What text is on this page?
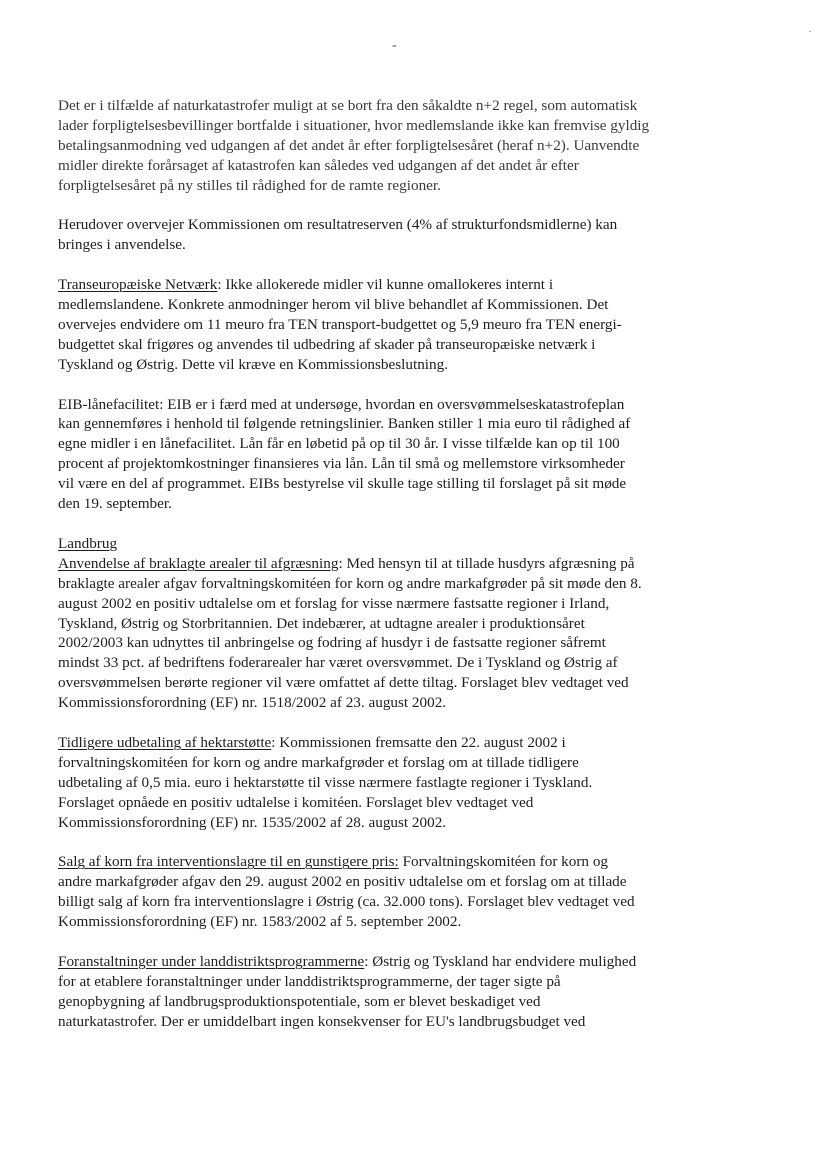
-
·
Det er i tilfælde af naturkatastrofer muligt at se bort fra den såkaldte n+2 regel, som automatisk
lader forpligtelsesbevillinger bortfalde i situationer, hvor medlemslande ikke kan fremvise gyldig
betalingsanmodning ved udgangen af det andet år efter forpligtelsesåret (heraf n+2). Uanvendte
midler direkte forårsaget af katastrofen kan således ved udgangen af det andet år efter
forpligtelsesåret på ny stilles til rådighed for de ramte regioner.
Herudover overvejer Kommissionen om resultatreserven (4% af strukturfondsmidlerne) kan
bringes i anvendelse.
Transeuropæiske Netværk: Ikke allokerede midler vil kunne omallokeres internt i
medlemslandene. Konkrete anmodninger herom vil blive behandlet af Kommissionen. Det
overvejes endvidere om 11 meuro fra TEN transport-budgettet og 5,9 meuro fra TEN energi-
budgettet skal frigøres og anvendes til udbedring af skader på transeuropæiske netværk i
Tyskland og Østrig. Dette vil kræve en Kommissionsbeslutning.
EIB-lånefacilitet: EIB er i færd med at undersøge, hvordan en oversvømmelseskatastrofeplan
kan gennemføres i henhold til følgende retningslinier. Banken stiller 1 mia euro til rådighed af
egne midler i en lånefacilitet. Lån får en løbetid på op til 30 år. I visse tilfælde kan op til 100
procent af projektomkostninger finansieres via lån. Lån til små og mellemstore virksomheder
vil være en del af programmet. EIBs bestyrelse vil skulle tage stilling til forslaget på sit møde
den 19. september.
Landbrug
Anvendelse af braklagte arealer til afgræsning: Med hensyn til at tillade husdyrs afgræsning på
braklagte arealer afgav forvaltningskomitéen for korn og andre markafgrøder på sit møde den 8.
august 2002 en positiv udtalelse om et forslag for visse nærmere fastsatte regioner i Irland,
Tyskland, Østrig og Storbritannien. Det indebærer, at udtagne arealer i produktionsåret
2002/2003 kan udnyttes til anbringelse og fodring af husdyr i de fastsatte regioner såfremt
mindst 33 pct. af bedriftens foderarealer har været oversvømmet. De i Tyskland og Østrig af
oversvømmelsen berørte regioner vil være omfattet af dette tiltag. Forslaget blev vedtaget ved
Kommissionsforordning (EF) nr. 1518/2002 af 23. august 2002.
Tidligere udbetaling af hektarstøtte: Kommissionen fremsatte den 22. august 2002 i
forvaltningskomitéen for korn og andre markafgrøder et forslag om at tillade tidligere
udbetaling af 0,5 mia. euro i hektarstøtte til visse nærmere fastlagte regioner i Tyskland.
Forslaget opnåede en positiv udtalelse i komitéen. Forslaget blev vedtaget ved
Kommissionsforordning (EF) nr. 1535/2002 af 28. august 2002.
Salg af korn fra interventionslagre til en gunstigere pris: Forvaltningskomitéen for korn og
andre markafgrøder afgav den 29. august 2002 en positiv udtalelse om et forslag om at tillade
billigt salg af korn fra interventionslagre i Østrig (ca. 32.000 tons). Forslaget blev vedtaget ved
Kommissionsforordning (EF) nr. 1583/2002 af 5. september 2002.
Foranstaltninger under landdistriktsprogrammerne: Østrig og Tyskland har endvidere mulighed
for at etablere foranstaltninger under landdistriktsprogrammerne, der tager sigte på
genopbygning af landbrugsproduktionspotentiale, som er blevet beskadiget ved
naturkatastrofer. Der er umiddelbart ingen konsekvenser for EU's landbrugsbudget ved
